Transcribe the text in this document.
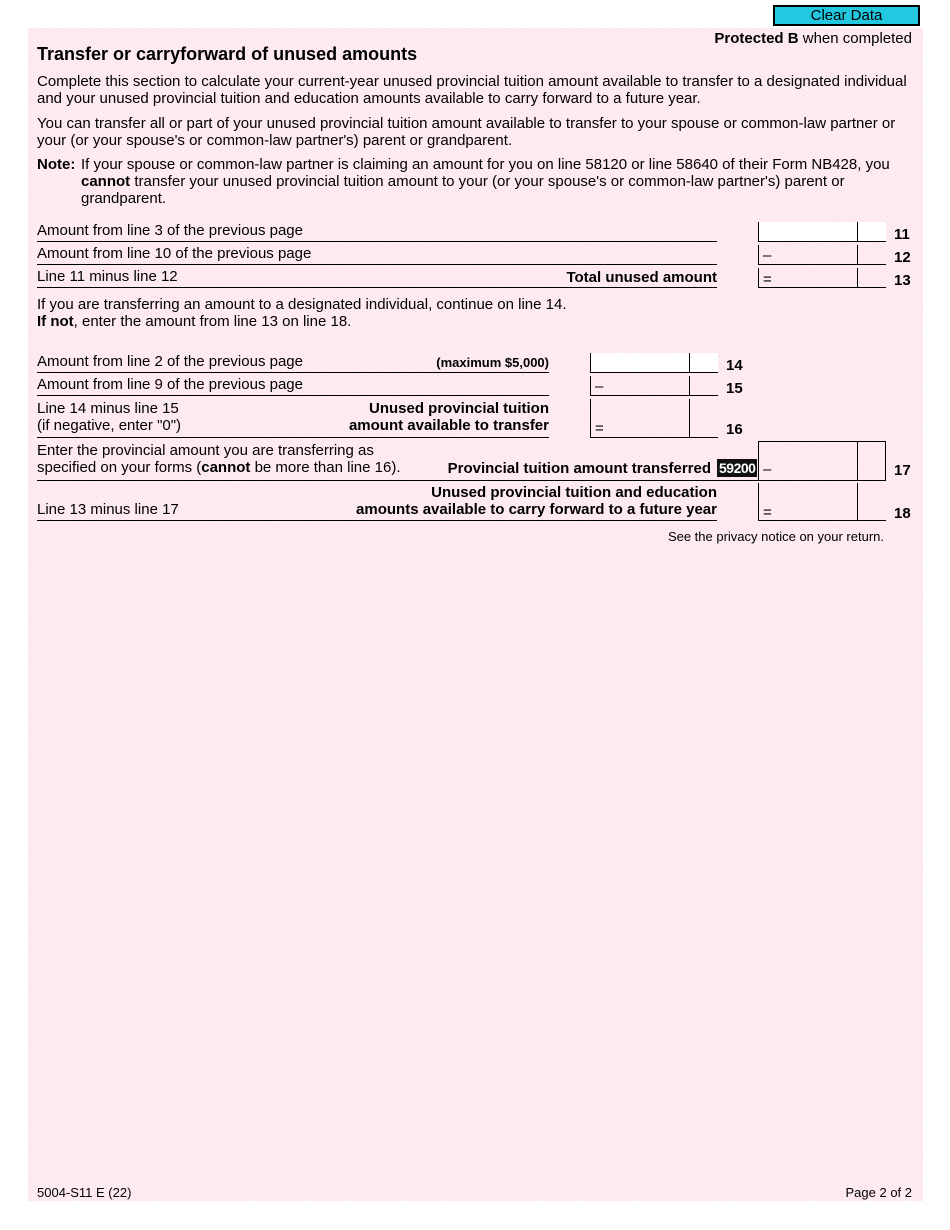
Clear Data
Protected B when completed
Transfer or carryforward of unused amounts
Complete this section to calculate your current-year unused provincial tuition amount available to transfer to a designated individual and your unused provincial tuition and education amounts available to carry forward to a future year.
You can transfer all or part of your unused provincial tuition amount available to transfer to your spouse or common-law partner or your (or your spouse's or common-law partner's) parent or grandparent.
Note: If your spouse or common-law partner is claiming an amount for you on line 58120 or line 58640 of their Form NB428, you cannot transfer your unused provincial tuition amount to your (or your spouse's or common-law partner's) parent or grandparent.
Amount from line 3 of the previous page	11
Amount from line 10 of the previous page	–	12
Line 11 minus line 12	Total unused amount	=	13
If you are transferring an amount to a designated individual, continue on line 14.
If not, enter the amount from line 13 on line 18.
Amount from line 2 of the previous page	(maximum $5,000)	14
Amount from line 9 of the previous page	–	15
Line 14 minus line 15
(if negative, enter "0")
Unused provincial tuition
amount available to transfer	=	16
Enter the provincial amount you are transferring as
specified on your forms (cannot be more than line 16).	Provincial tuition amount transferred 59200 –	17
Line 13 minus line 17
Unused provincial tuition and education
amounts available to carry forward to a future year	=	18
See the privacy notice on your return.
5004-S11 E (22)	Page 2 of 2
